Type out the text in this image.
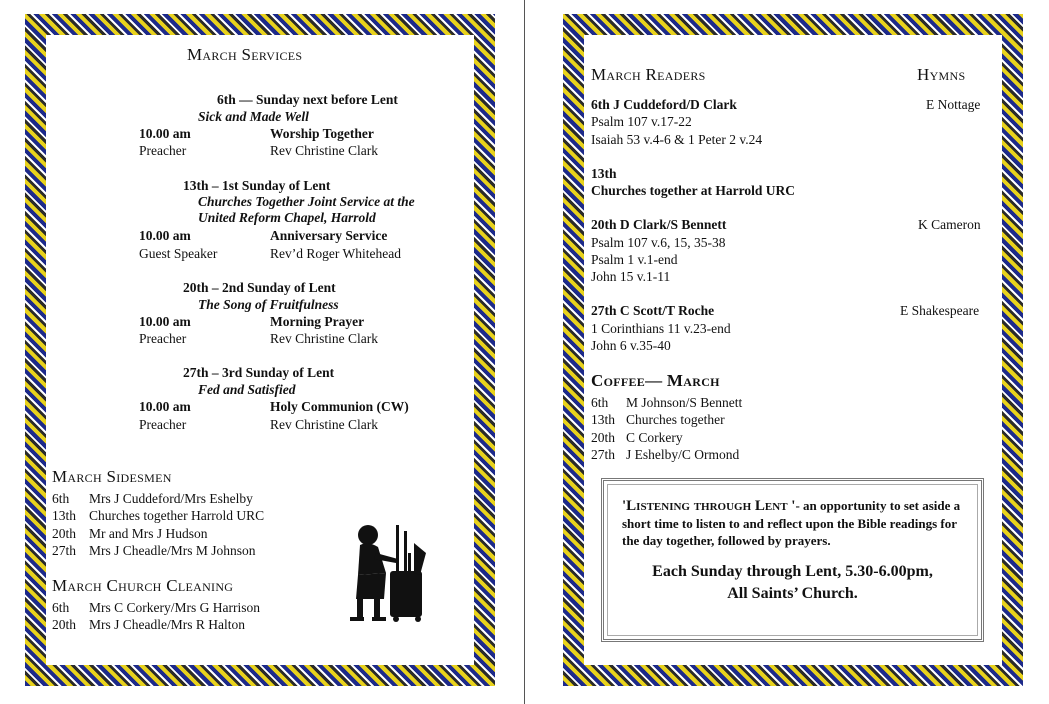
March Services
6th — Sunday next before Lent
Sick and Made Well
10.00 am	Worship Together
Preacher	Rev Christine Clark
13th – 1st Sunday of Lent
Churches Together Joint Service at the
United Reform Chapel, Harrold
10.00 am	Anniversary Service
Guest Speaker	Rev’d Roger Whitehead
20th – 2nd Sunday of Lent
The Song of Fruitfulness
10.00 am	Morning Prayer
Preacher	Rev Christine Clark
27th – 3rd Sunday of Lent
Fed and Satisfied
10.00 am	Holy Communion (CW)
Preacher	Rev Christine Clark
March Sidesmen
6th Mrs J Cuddeford/Mrs Eshelby
13th Churches together Harrold URC
20th Mr and Mrs J Hudson
27th Mrs J Cheadle/Mrs M Johnson
March Church Cleaning
6th Mrs C Corkery/Mrs G Harrison
20th Mrs J Cheadle/Mrs R Halton
March Readers	Hymns
6th J Cuddeford/D Clark	E Nottage
Psalm 107 v.17-22
Isaiah 53 v.4-6 & 1 Peter 2 v.24
13th
Churches together at Harrold URC
20th D Clark/S Bennett	K Cameron
Psalm 107 v.6, 15, 35-38
Psalm 1 v.1-end
John 15 v.1-11
27th C Scott/T Roche	E Shakespeare
1 Corinthians 11 v.23-end
John 6 v.35-40
Coffee— March
6th M Johnson/S Bennett
13th Churches together
20th C Corkery
27th J Eshelby/C Ormond
'Listening through Lent '- an opportunity to set aside a short time to listen to and reflect upon the Bible readings for the day together, followed by prayers.
Each Sunday through Lent, 5.30-6.00pm,
All Saints’ Church.
